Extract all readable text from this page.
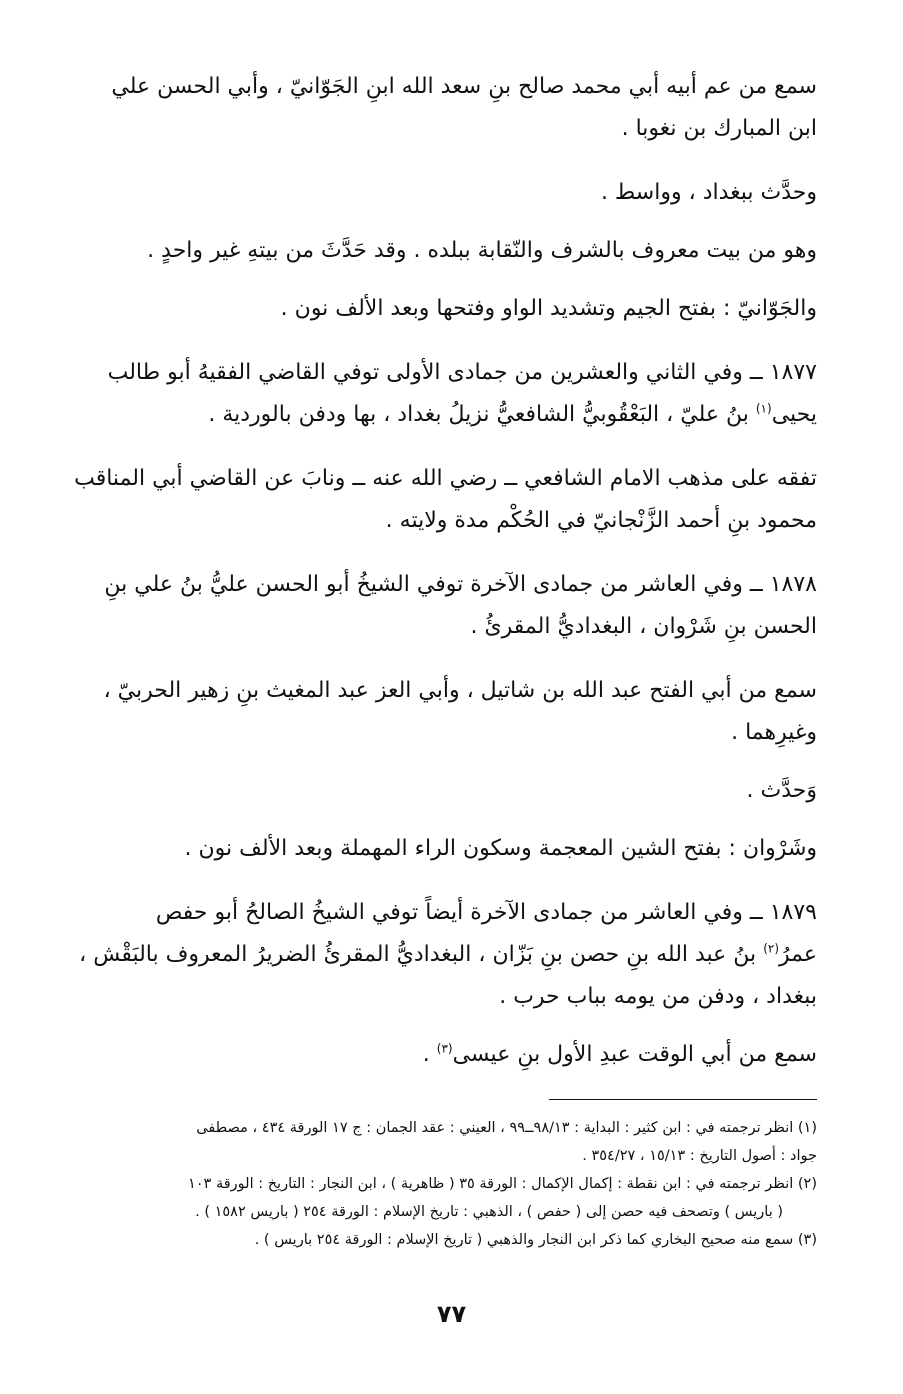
سمع من عم أبيه أبي محمد صالح بنِ سعد الله ابنِ الجَوّانيّ ، وأبي الحسن علي
ابن المبارك بن نغوبا .

وحدَّث ببغداد ، وواسط .

وهو من بيت معروف بالشرف والنّقابة ببلده . وقد حَدَّثَ من بيتهِ غير واحدٍ .

والجَوّانيّ : بفتح الجيم وتشديد الواو وفتحها وبعد الألف نون .

١٨٧٧ ــ وفي الثاني والعشرين من جمادى الأولى توفي القاضي الفقيهُ أبو طالب
يحيى$^{(١)}$ بنُ عليّ ، البَعْقُوبيُّ الشافعيُّ نزيلُ بغداد ، بها ودفن بالوردية .

تفقه على مذهب الامام الشافعي ــ رضي الله عنه ــ ونابَ عن القاضي أبي المناقب
محمود بنِ أحمد الزَّنْجانيّ في الحُكْم مدة ولايته .

١٨٧٨ ــ وفي العاشر من جمادى الآخرة توفي الشيخُ أبو الحسن عليُّ بنُ علي بنِ
الحسن بنِ شَرْوان ، البغداديُّ المقرئُ .

سمع من أبي الفتح عبد الله بن شاتيل ، وأبي العز عبد المغيث بنِ زهير الحربيّ ،
وغيرِهما .

وَحدَّث .

وشَرْوان : بفتح الشين المعجمة وسكون الراء المهملة وبعد الألف نون .

١٨٧٩ ــ وفي العاشر من جمادى الآخرة أيضاً توفي الشيخُ الصالحُ أبو حفص
عمرُ$^{(٢)}$ بنُ عبد الله بنِ حصن بنِ بَزّان ، البغداديُّ المقرئُ الضريرُ المعروف بالبَقْش ،
ببغداد ، ودفن من يومه بباب حرب .

سمع من أبي الوقت عبدِ الأول بنِ عيسى$^{(٣)}$ .

(١) انظر ترجمته في : ابن كثير : البداية : ٩٨/١٣ــ٩٩ ، العيني : عقد الجمان : ج ١٧ الورقة ٤٣٤ ، مصطفى

جواد : أصول التاريخ : ١٥/١٣ ، ٣٥٤/٢٧ .

(٢) انظر ترجمته في : ابن نقطة : إكمال الإكمال : الورقة ٣٥ ( ظاهرية ) ، ابن النجار : التاريخ : الورقة ١٠٣

( باريس ) وتصحف فيه حصن إلى ( حفص ) ، الذهبي : تاريخ الإسلام : الورقة ٢٥٤ ( باريس ١٥٨٢ ) .

(٣) سمع منه صحيح البخاري كما ذكر ابن النجار والذهبي ( تاريخ الإسلام : الورقة ٢٥٤ باريس ) .

٧٧
